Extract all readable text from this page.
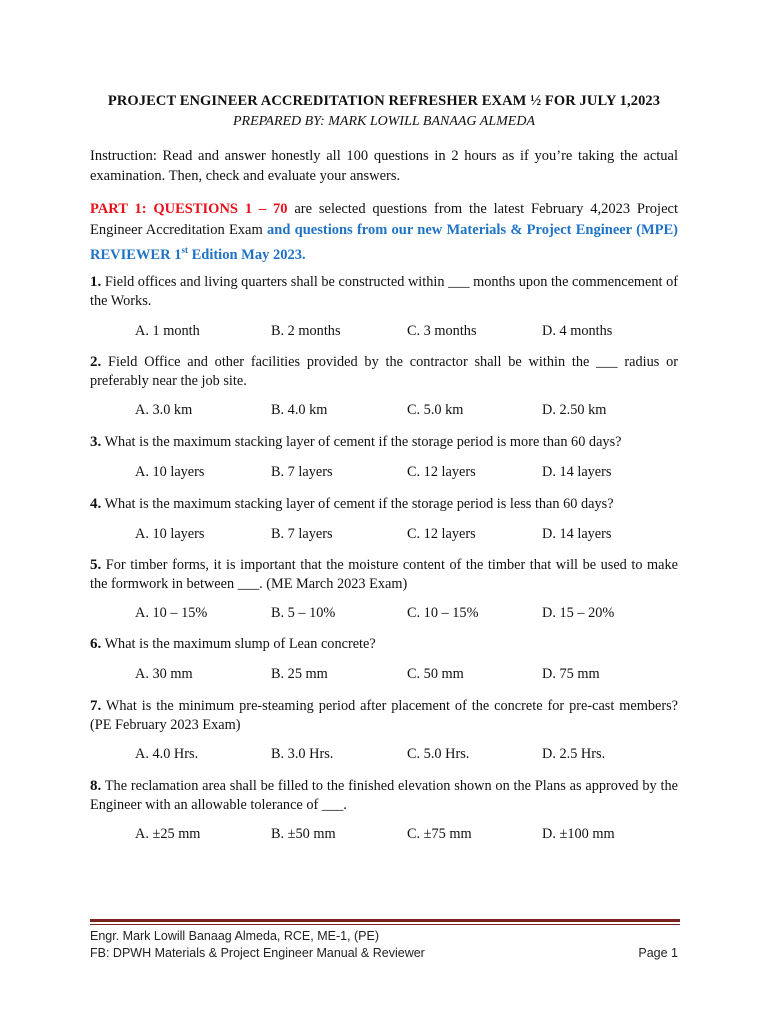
PROJECT ENGINEER ACCREDITATION REFRESHER EXAM ½ FOR JULY 1,2023
PREPARED BY: MARK LOWILL BANAAG ALMEDA
Instruction: Read and answer honestly all 100 questions in 2 hours as if you’re taking the actual examination. Then, check and evaluate your answers.
PART 1: QUESTIONS 1 – 70 are selected questions from the latest February 4,2023 Project Engineer Accreditation Exam and questions from our new Materials & Project Engineer (MPE) REVIEWER 1st Edition May 2023.
1. Field offices and living quarters shall be constructed within ___ months upon the commencement of the Works.
A. 1 month	B. 2 months	C. 3 months	D. 4 months
2. Field Office and other facilities provided by the contractor shall be within the ___ radius or preferably near the job site.
A. 3.0 km	B. 4.0 km	C. 5.0 km	D. 2.50 km
3. What is the maximum stacking layer of cement if the storage period is more than 60 days?
A. 10 layers	B. 7 layers	C. 12 layers	D. 14 layers
4. What is the maximum stacking layer of cement if the storage period is less than 60 days?
A. 10 layers	B. 7 layers	C. 12 layers	D. 14 layers
5. For timber forms, it is important that the moisture content of the timber that will be used to make the formwork in between ___. (ME March 2023 Exam)
A. 10 – 15%	B. 5 – 10%	C. 10 – 15%	D. 15 – 20%
6. What is the maximum slump of Lean concrete?
A. 30 mm	B. 25 mm	C. 50 mm	D. 75 mm
7. What is the minimum pre-steaming period after placement of the concrete for pre-cast members? (PE February 2023 Exam)
A. 4.0 Hrs.	B. 3.0 Hrs.	C. 5.0 Hrs.	D. 2.5 Hrs.
8. The reclamation area shall be filled to the finished elevation shown on the Plans as approved by the Engineer with an allowable tolerance of ___.
A. ±25 mm	B. ±50 mm	C. ±75 mm	D. ±100 mm
Engr. Mark Lowill Banaag Almeda, RCE, ME-1, (PE)
FB: DPWH Materials & Project Engineer Manual & Reviewer	Page 1
